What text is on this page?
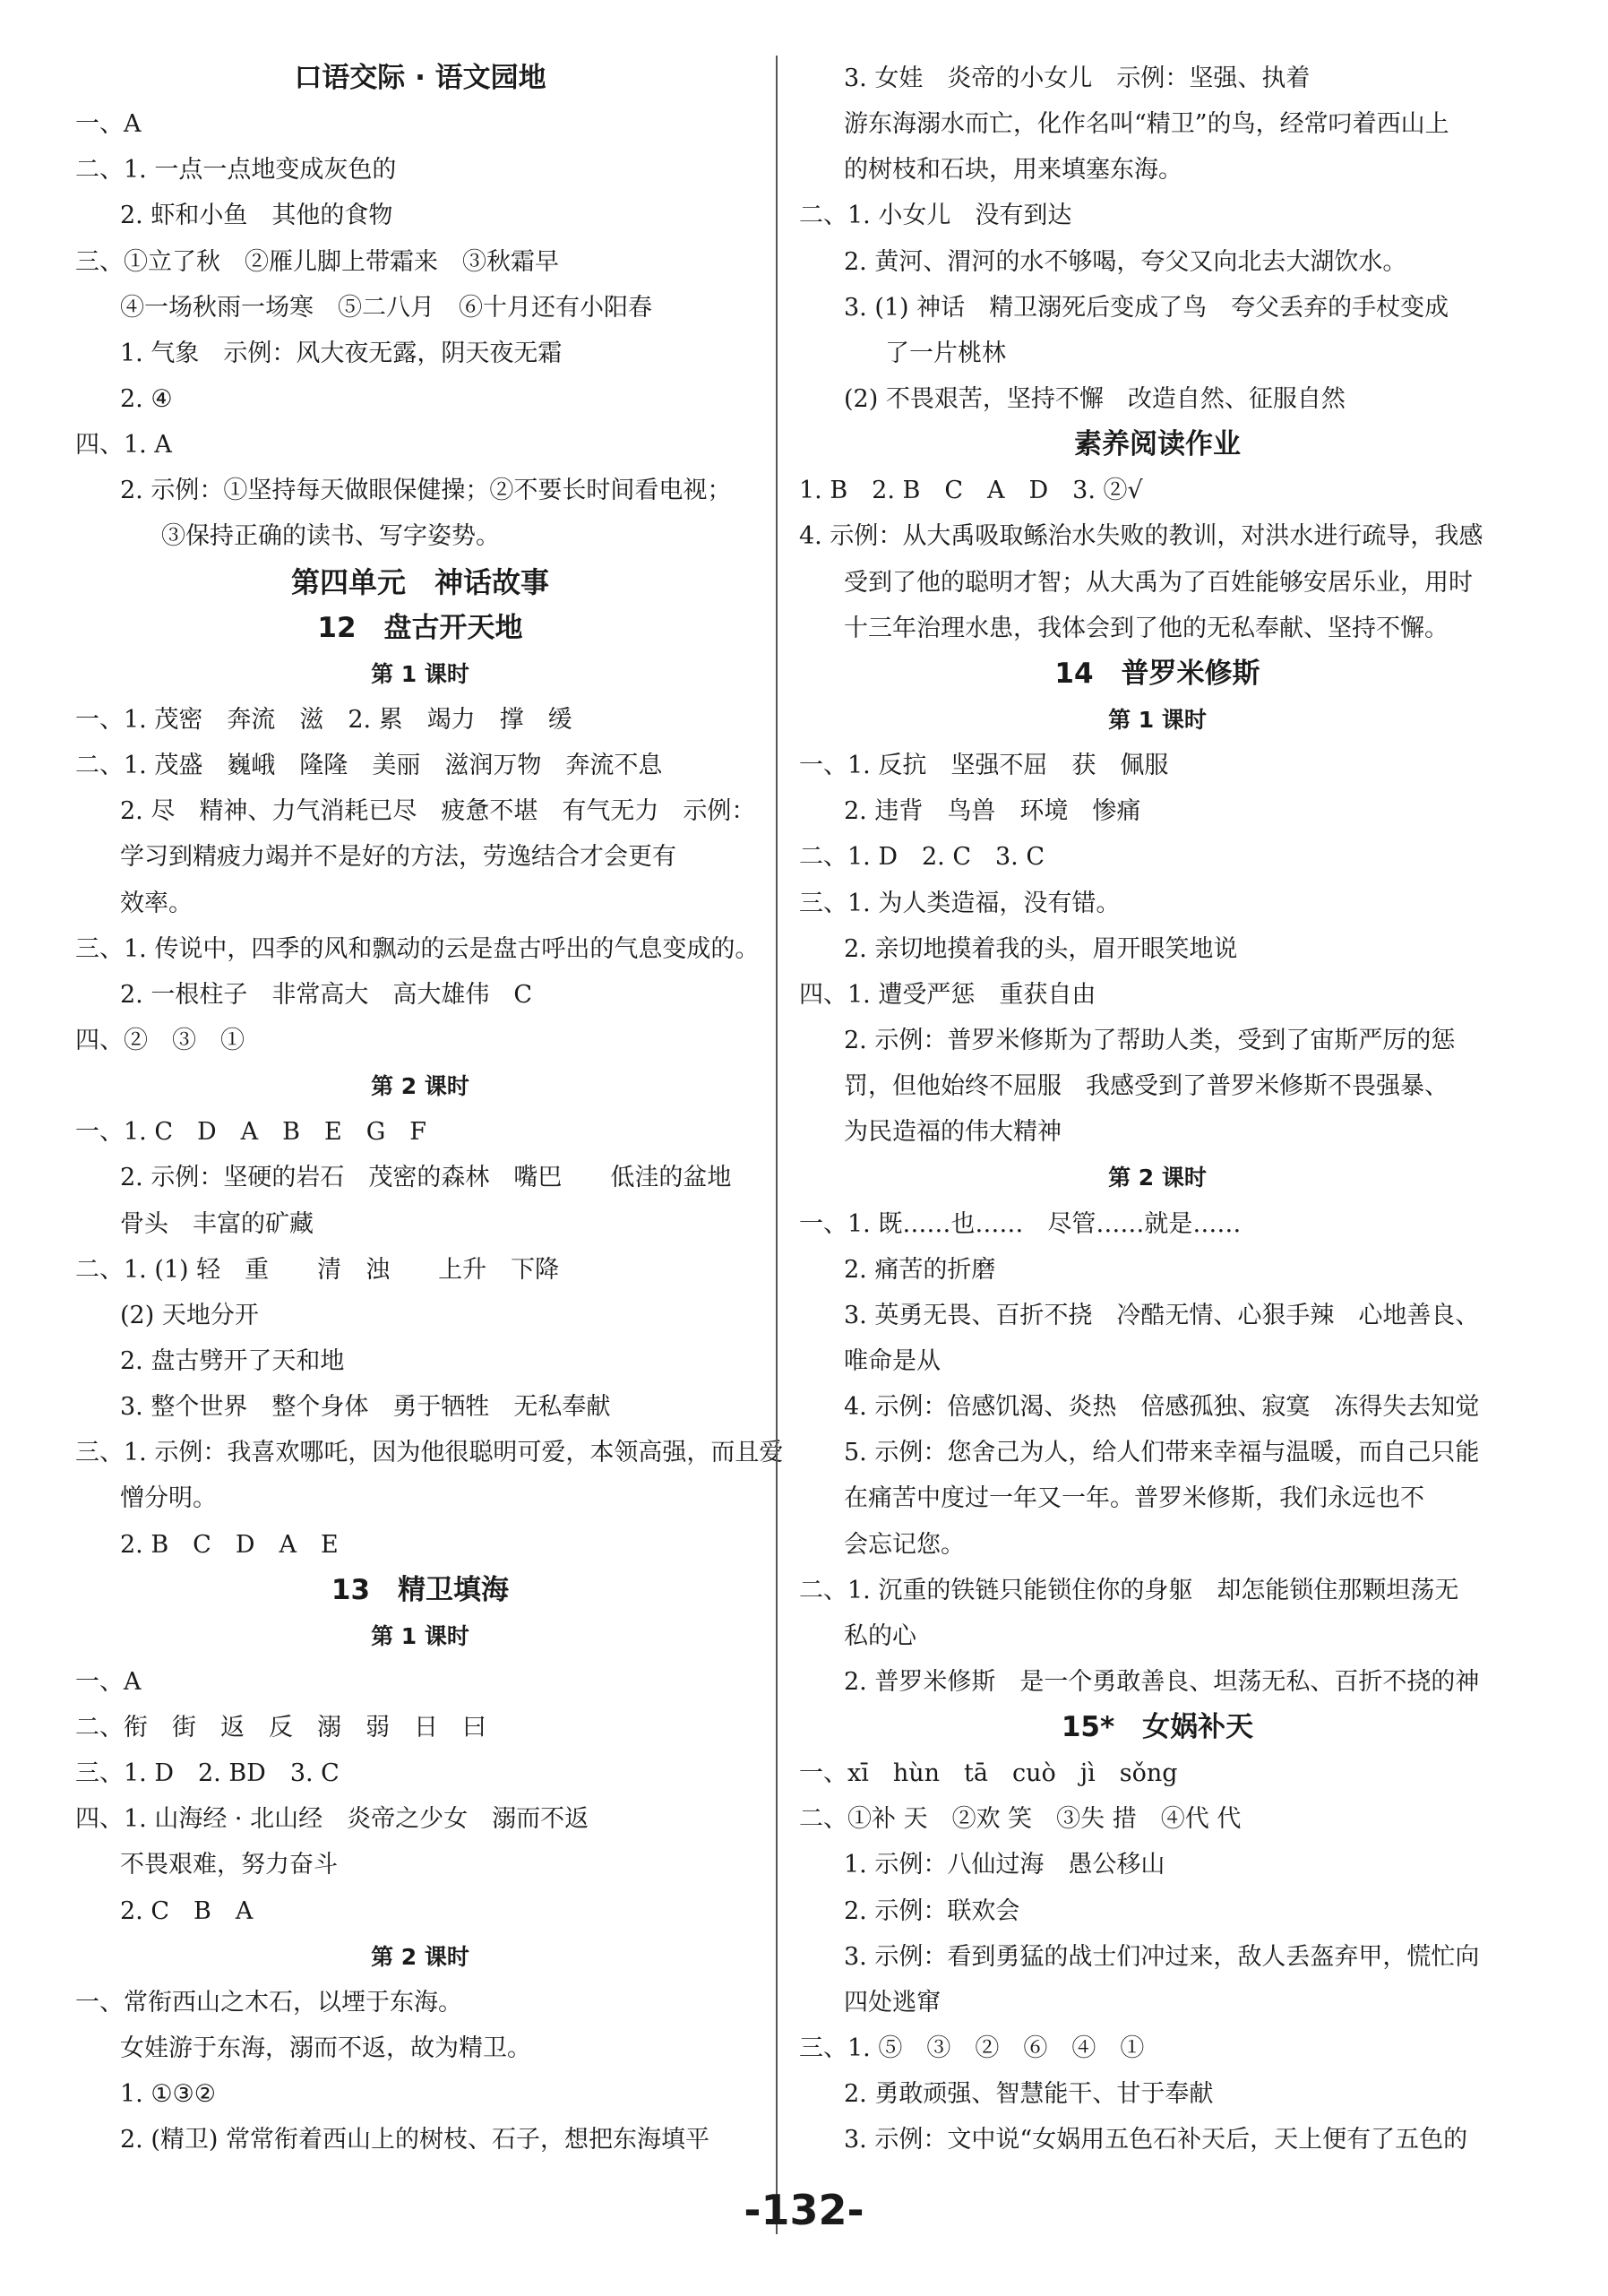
口语交际 · 语文园地
一、A
二、1. 一点一点地变成灰色的
2. 虾和小鱼　其他的食物
三、①立了秋　②雁儿脚上带霜来　③秋霜早
④一场秋雨一场寒　⑤二八月　⑥十月还有小阳春
1. 气象　示例：风大夜无露，阴天夜无霜
2. ④
四、1. A
2. 示例：①坚持每天做眼保健操；②不要长时间看电视；
③保持正确的读书、写字姿势。
第四单元　神话故事
12　盘古开天地
第 1 课时
一、1. 茂密　奔流　滋　2. 累　竭力　撑　缓
二、1. 茂盛　巍峨　隆隆　美丽　滋润万物　奔流不息
2. 尽　精神、力气消耗已尽　疲惫不堪　有气无力　示例：
学习到精疲力竭并不是好的方法，劳逸结合才会更有
效率。
三、1. 传说中，四季的风和飘动的云是盘古呼出的气息变成的。
2. 一根柱子　非常高大　高大雄伟　C
四、②　③　①
第 2 课时
一、1. C　D　A　B　E　G　F
2. 示例：坚硬的岩石　茂密的森林　嘴巴　　低洼的盆地
骨头　丰富的矿藏
二、1. (1) 轻　重　　清　浊　　上升　下降
(2) 天地分开
2. 盘古劈开了天和地
3. 整个世界　整个身体　勇于牺牲　无私奉献
三、1. 示例：我喜欢哪吒，因为他很聪明可爱，本领高强，而且爱
憎分明。
2. B　C　D　A　E
13　精卫填海
第 1 课时
一、A
二、衔　街　返　反　溺　弱　日　曰
三、1. D　2. BD　3. C
四、1. 山海经 · 北山经　炎帝之少女　溺而不返
不畏艰难，努力奋斗
2. C　B　A
第 2 课时
一、常衔西山之木石，以堙于东海。
女娃游于东海，溺而不返，故为精卫。
1. ①③②
2. (精卫) 常常衔着西山上的树枝、石子，想把东海填平
3. 女娃　炎帝的小女儿　示例：坚强、执着
游东海溺水而亡，化作名叫“精卫”的鸟，经常叼着西山上
的树枝和石块，用来填塞东海。
二、1. 小女儿　没有到达
2. 黄河、渭河的水不够喝，夸父又向北去大湖饮水。
3. (1) 神话　精卫溺死后变成了鸟　夸父丢弃的手杖变成
了一片桃林
(2) 不畏艰苦，坚持不懈　改造自然、征服自然
素养阅读作业
1. B　2. B　C　A　D　3. ②√
4. 示例：从大禹吸取鲧治水失败的教训，对洪水进行疏导，我感
受到了他的聪明才智；从大禹为了百姓能够安居乐业，用时
十三年治理水患，我体会到了他的无私奉献、坚持不懈。
14　普罗米修斯
第 1 课时
一、1. 反抗　坚强不屈　获　佩服
2. 违背　鸟兽　环境　惨痛
二、1. D　2. C　3. C
三、1. 为人类造福，没有错。
2. 亲切地摸着我的头，眉开眼笑地说
四、1. 遭受严惩　重获自由
2. 示例：普罗米修斯为了帮助人类，受到了宙斯严厉的惩
罚，但他始终不屈服　我感受到了普罗米修斯不畏强暴、
为民造福的伟大精神
第 2 课时
一、1. 既……也……　尽管……就是……
2. 痛苦的折磨
3. 英勇无畏、百折不挠　冷酷无情、心狠手辣　心地善良、
唯命是从
4. 示例：倍感饥渴、炎热　倍感孤独、寂寞　冻得失去知觉
5. 示例：您舍己为人，给人们带来幸福与温暖，而自己只能
在痛苦中度过一年又一年。普罗米修斯，我们永远也不
会忘记您。
二、1. 沉重的铁链只能锁住你的身躯　却怎能锁住那颗坦荡无
私的心
2. 普罗米修斯　是一个勇敢善良、坦荡无私、百折不挠的神
15*　女娲补天
一、xī　hùn　tā　cuò　jì　sǒng
二、①补 天　②欢 笑　③失 措　④代 代
1. 示例：八仙过海　愚公移山
2. 示例：联欢会
3. 示例：看到勇猛的战士们冲过来，敌人丢盔弃甲，慌忙向
四处逃窜
三、1. ⑤　③　②　⑥　④　①
2. 勇敢顽强、智慧能干、甘于奉献
3. 示例：文中说“女娲用五色石补天后，天上便有了五色的
-132-
